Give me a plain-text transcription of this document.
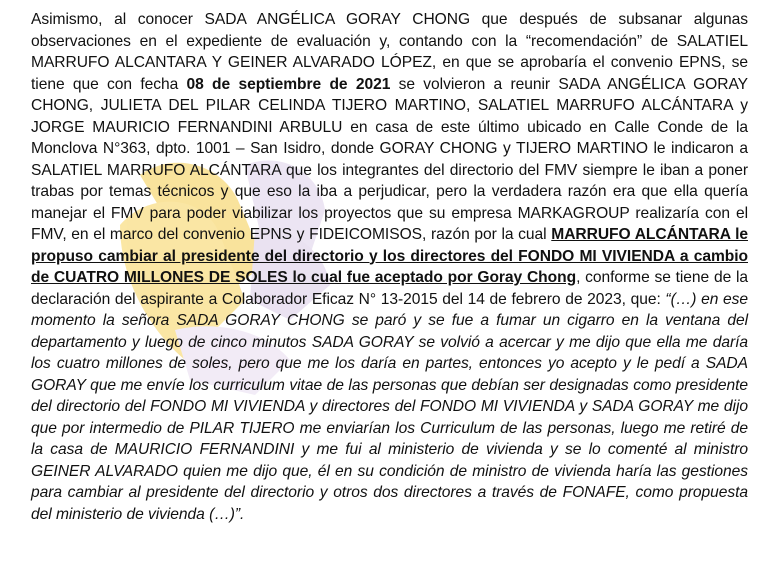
Asimismo, al conocer SADA ANGÉLICA GORAY CHONG que después de subsanar algunas observaciones en el expediente de evaluación y, contando con la “recomendación” de SALATIEL MARRUFO ALCANTARA Y GEINER ALVARADO LÓPEZ, en que se aprobaría el convenio EPNS, se tiene que con fecha 08 de septiembre de 2021 se volvieron a reunir SADA ANGÉLICA GORAY CHONG, JULIETA DEL PILAR CELINDA TIJERO MARTINO, SALATIEL MARRUFO ALCÁNTARA y JORGE MAURICIO FERNANDINI ARBULU en casa de este último ubicado en Calle Conde de la Monclova N°363, dpto. 1001 – San Isidro, donde GORAY CHONG y TIJERO MARTINO le indicaron a SALATIEL MARRUFO ALCÁNTARA que los integrantes del directorio del FMV siempre le iban a poner trabas por temas técnicos y que eso la iba a perjudicar, pero la verdadera razón era que ella quería manejar el FMV para poder viabilizar los proyectos que su empresa MARKAGROUP realizaría con el FMV, en el marco del convenio EPNS y FIDEICOMISOS, razón por la cual MARRUFO ALCÁNTARA le propuso cambiar al presidente del directorio y los directores del FONDO MI VIVIENDA a cambio de CUATRO MILLONES DE SOLES lo cual fue aceptado por Goray Chong, conforme se tiene de la declaración del aspirante a Colaborador Eficaz N° 13-2015 del 14 de febrero de 2023, que: “(…) en ese momento la señora SADA GORAY CHONG se paró y se fue a fumar un cigarro en la ventana del departamento y luego de cinco minutos SADA GORAY se volvió a acercar y me dijo que ella me daría los cuatro millones de soles, pero que me los daría en partes, entonces yo acepto y le pedí a SADA GORAY que me envíe los curriculum vitae de las personas que debían ser designadas como presidente del directorio del FONDO MI VIVIENDA y directores del FONDO MI VIVIENDA y SADA GORAY me dijo que por intermedio de PILAR TIJERO me enviarían los Curriculum de las personas, luego me retiré de la casa de MAURICIO FERNANDINI y me fui al ministerio de vivienda y se lo comenté al ministro GEINER ALVARADO quien me dijo que, él en su condición de ministro de vivienda haría las gestiones para cambiar al presidente del directorio y otros dos directores a través de FONAFE, como propuesta del ministerio de vivienda (…)”.
